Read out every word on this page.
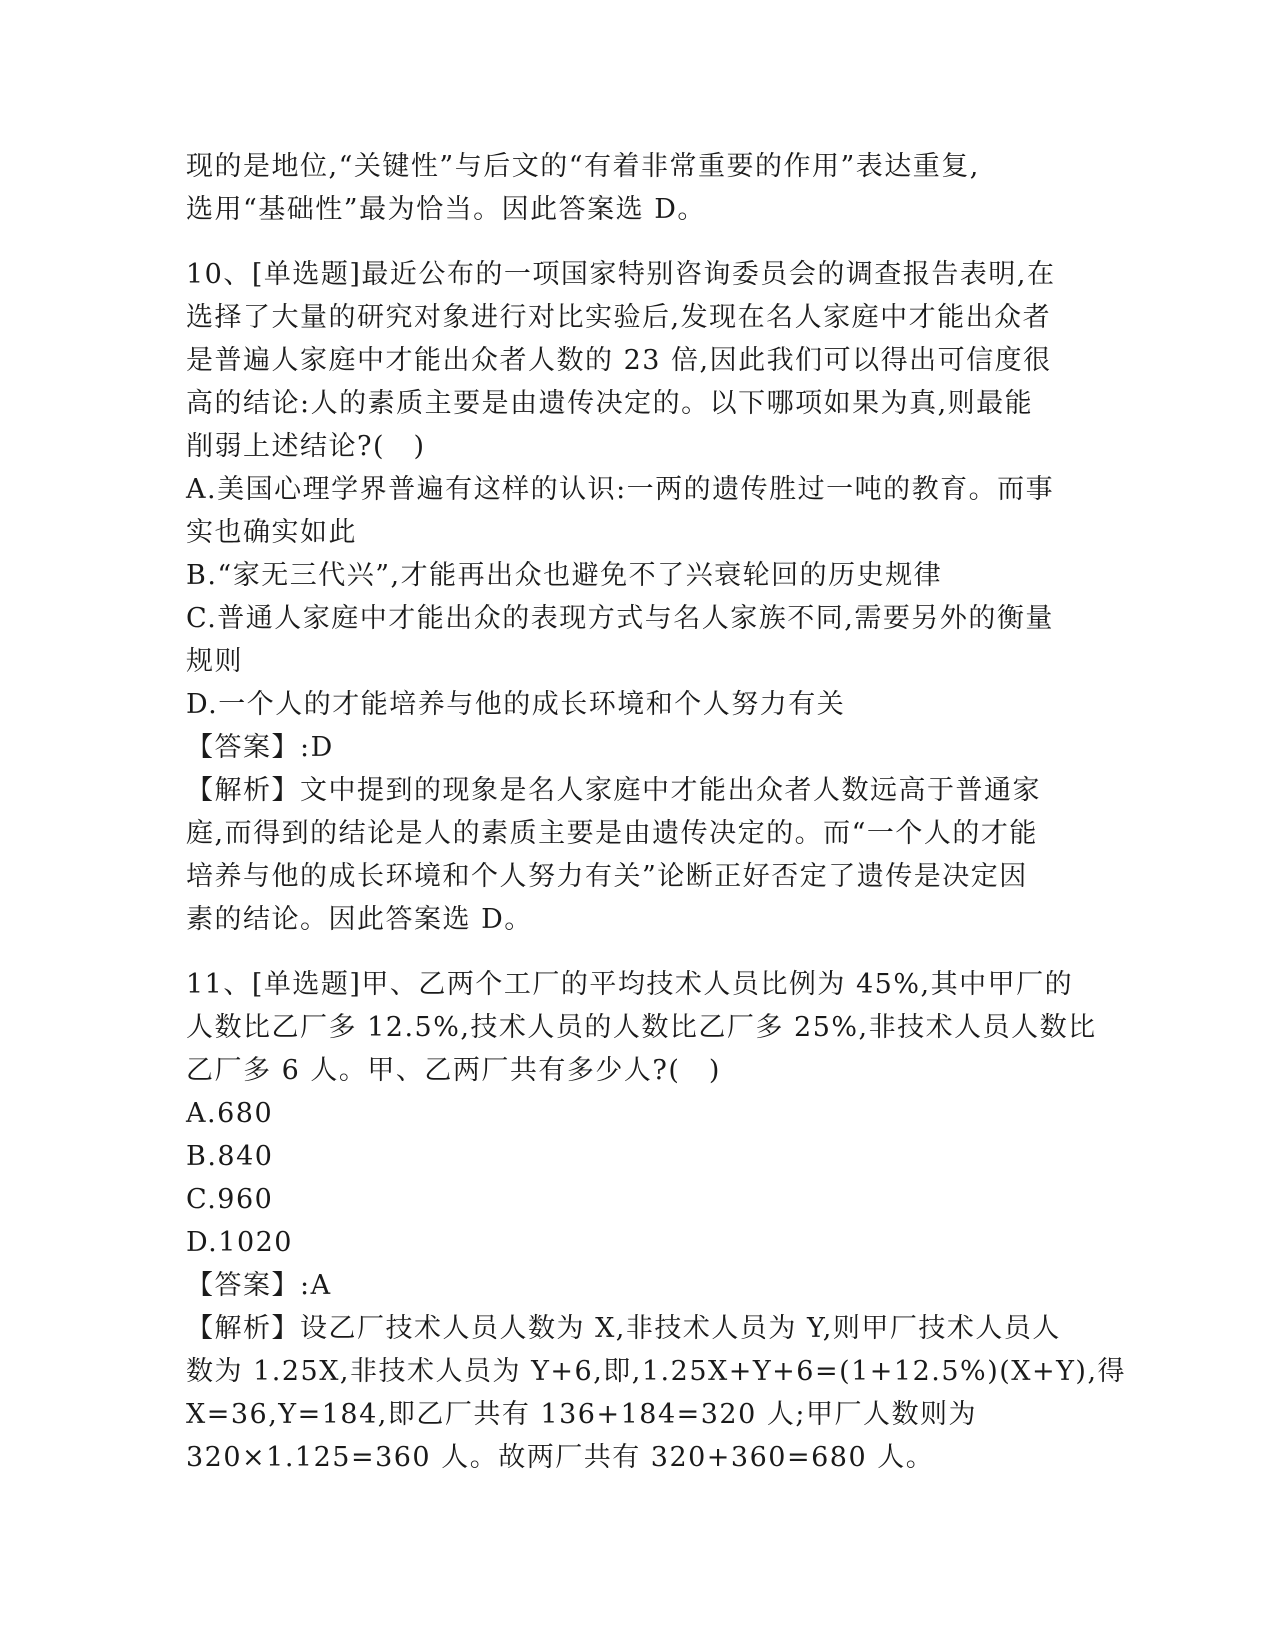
现的是地位,“关键性”与后文的“有着非常重要的作用”表达重复,
选用“基础性”最为恰当。因此答案选 D。
10、[单选题]最近公布的一项国家特别咨询委员会的调查报告表明,在
选择了大量的研究对象进行对比实验后,发现在名人家庭中才能出众者
是普遍人家庭中才能出众者人数的 23 倍,因此我们可以得出可信度很
高的结论:人的素质主要是由遗传决定的。以下哪项如果为真,则最能
削弱上述结论?(　)
A.美国心理学界普遍有这样的认识:一两的遗传胜过一吨的教育。而事
实也确实如此
B.“家无三代兴”,才能再出众也避免不了兴衰轮回的历史规律
C.普通人家庭中才能出众的表现方式与名人家族不同,需要另外的衡量
规则
D.一个人的才能培养与他的成长环境和个人努力有关
【答案】:D
【解析】文中提到的现象是名人家庭中才能出众者人数远高于普通家
庭,而得到的结论是人的素质主要是由遗传决定的。而“一个人的才能
培养与他的成长环境和个人努力有关”论断正好否定了遗传是决定因
素的结论。因此答案选 D。
11、[单选题]甲、乙两个工厂的平均技术人员比例为 45%,其中甲厂的
人数比乙厂多 12.5%,技术人员的人数比乙厂多 25%,非技术人员人数比
乙厂多 6 人。甲、乙两厂共有多少人?(　)
A.680
B.840
C.960
D.1020
【答案】:A
【解析】设乙厂技术人员人数为 X,非技术人员为 Y,则甲厂技术人员人
数为 1.25X,非技术人员为 Y+6,即,1.25X+Y+6=(1+12.5%)(X+Y),得
X=36,Y=184,即乙厂共有 136+184=320 人;甲厂人数则为
320×1.125=360 人。故两厂共有 320+360=680 人。
